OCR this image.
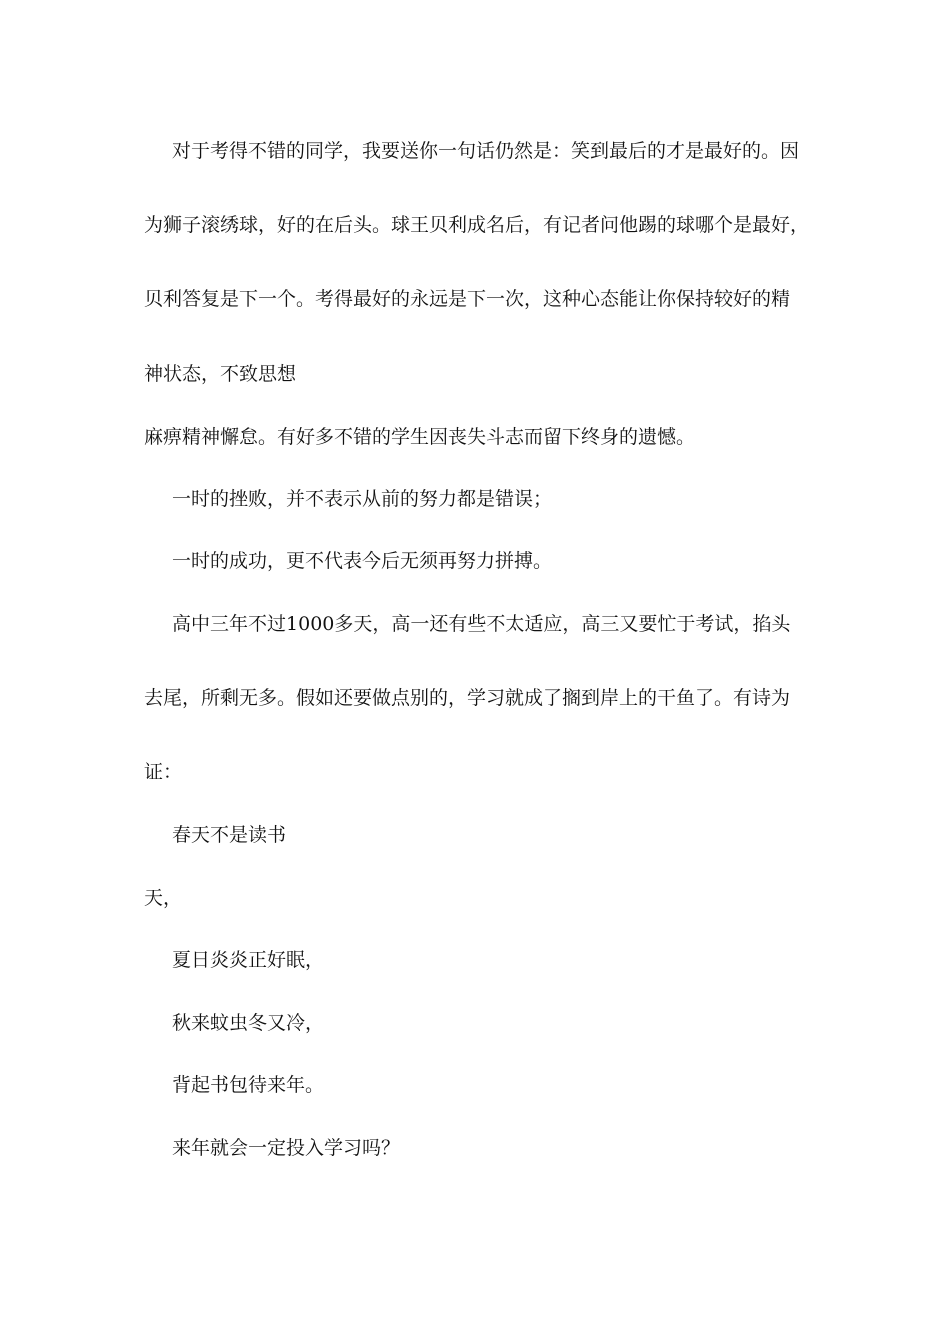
对于考得不错的同学，我要送你一句话仍然是：笑到最后的才是最好的。因
为狮子滚绣球，好的在后头。球王贝利成名后，有记者问他踢的球哪个是最好，
贝利答复是下一个。考得最好的永远是下一次，这种心态能让你保持较好的精
神状态，不致思想
麻痹精神懈怠。有好多不错的学生因丧失斗志而留下终身的遗憾。
一时的挫败，并不表示从前的努力都是错误；
一时的成功，更不代表今后无须再努力拼搏。
高中三年不过1000多天，高一还有些不太适应，高三又要忙于考试，掐头
去尾，所剩无多。假如还要做点别的，学习就成了搁到岸上的干鱼了。有诗为
证：
春天不是读书
天，
夏日炎炎正好眠，
秋来蚊虫冬又冷，
背起书包待来年。
来年就会一定投入学习吗？
